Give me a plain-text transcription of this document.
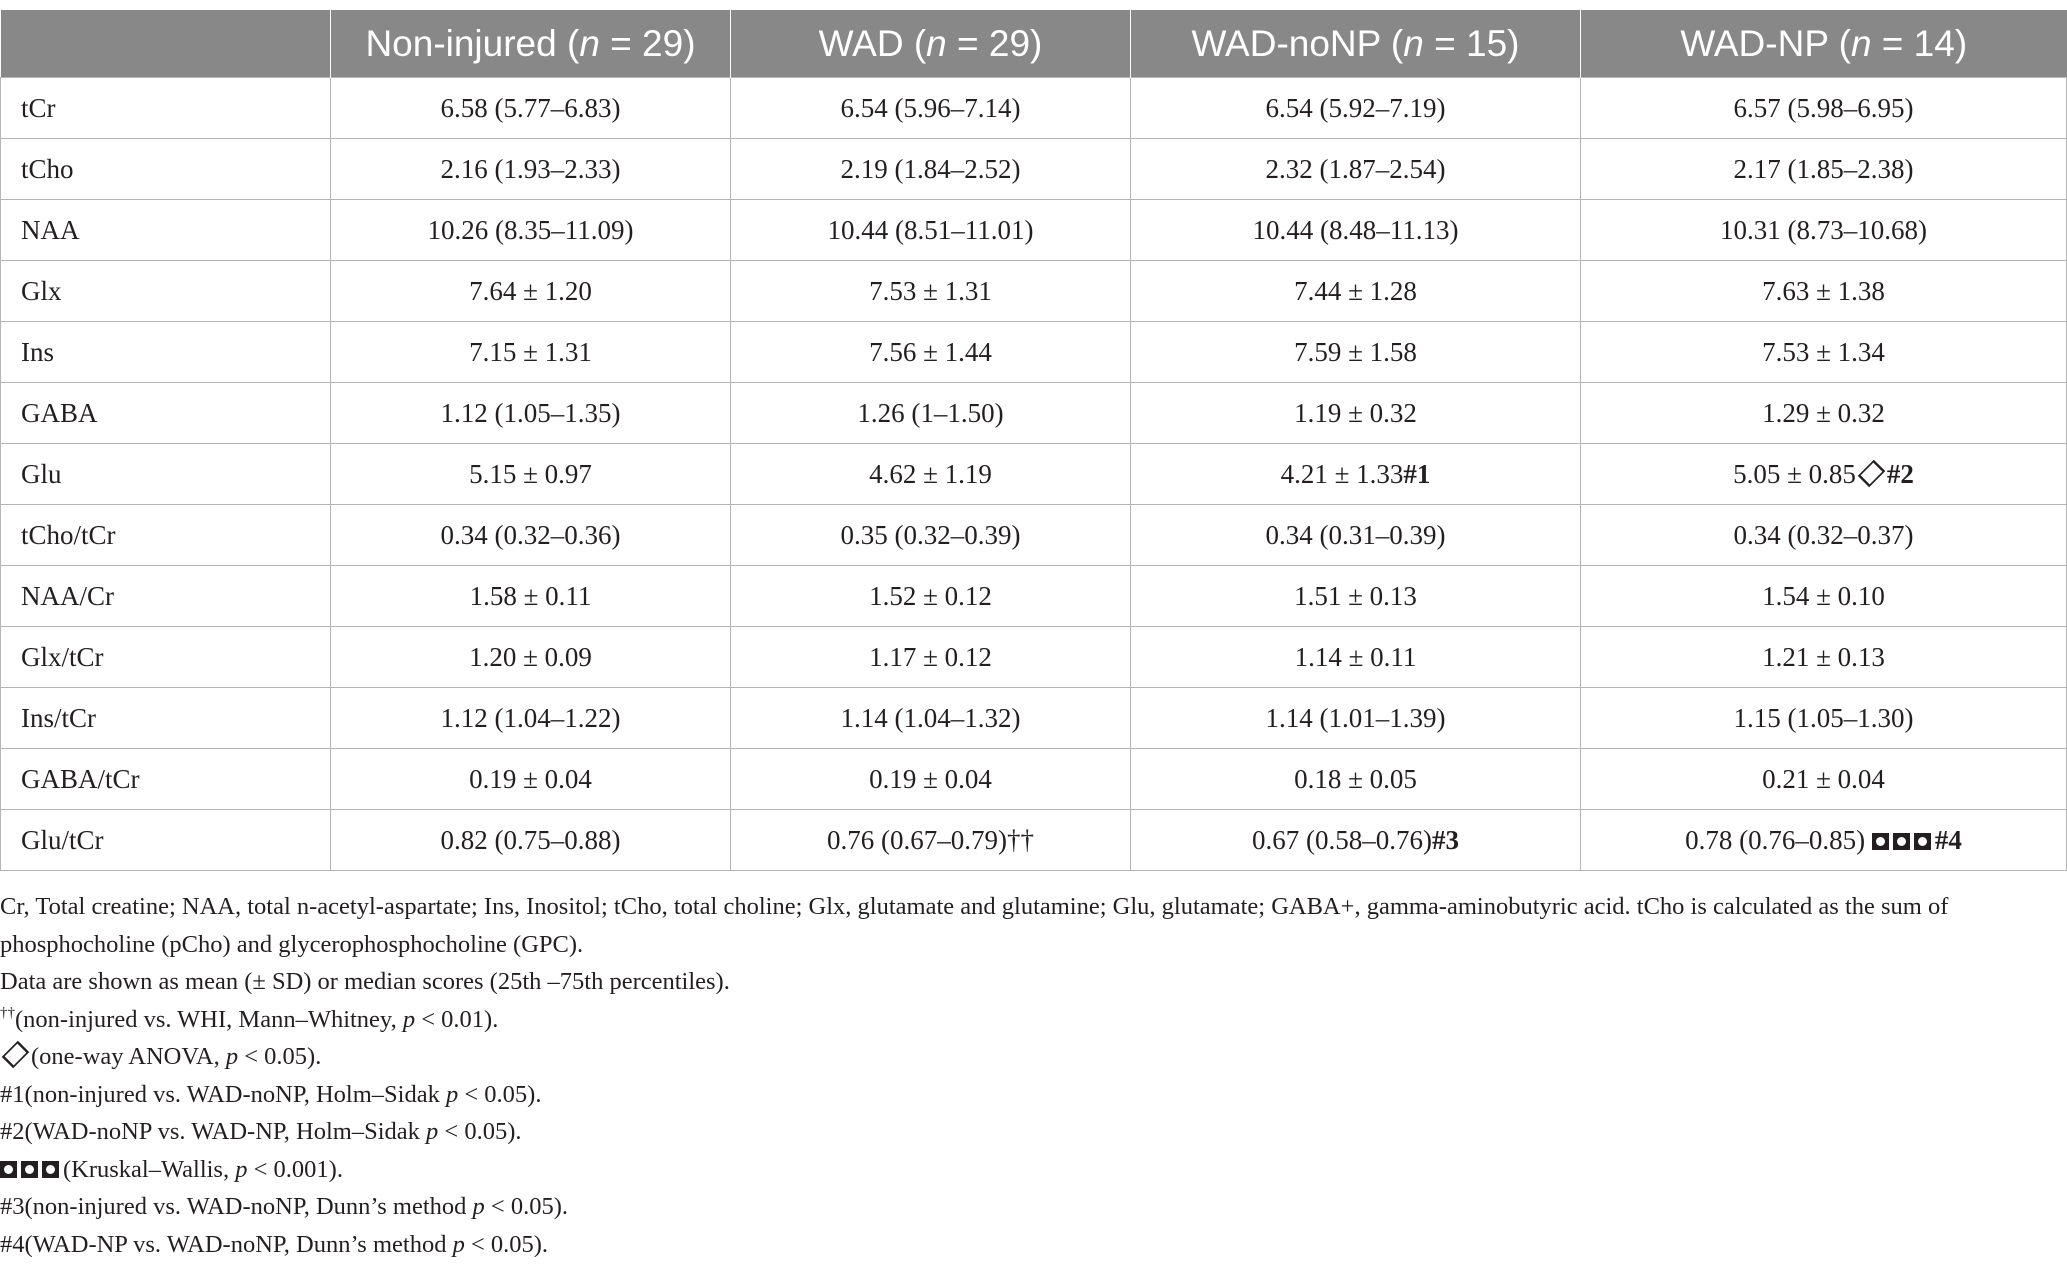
	Non-injured (n = 29)	WAD (n = 29)	WAD-noNP (n = 15)	WAD-NP (n = 14)
tCr	6.58 (5.77–6.83)	6.54 (5.96–7.14)	6.54 (5.92–7.19)	6.57 (5.98–6.95)
tCho	2.16 (1.93–2.33)	2.19 (1.84–2.52)	2.32 (1.87–2.54)	2.17 (1.85–2.38)
NAA	10.26 (8.35–11.09)	10.44 (8.51–11.01)	10.44 (8.48–11.13)	10.31 (8.73–10.68)
Glx	7.64 ± 1.20	7.53 ± 1.31	7.44 ± 1.28	7.63 ± 1.38
Ins	7.15 ± 1.31	7.56 ± 1.44	7.59 ± 1.58	7.53 ± 1.34
GABA	1.12 (1.05–1.35)	1.26 (1–1.50)	1.19 ± 0.32	1.29 ± 0.32
Glu	5.15 ± 0.97	4.62 ± 1.19	4.21 ± 1.33#1	5.05 ± 0.85 #2
tCho/tCr	0.34 (0.32–0.36)	0.35 (0.32–0.39)	0.34 (0.31–0.39)	0.34 (0.32–0.37)
NAA/Cr	1.58 ± 0.11	1.52 ± 0.12	1.51 ± 0.13	1.54 ± 0.10
Glx/tCr	1.20 ± 0.09	1.17 ± 0.12	1.14 ± 0.11	1.21 ± 0.13
Ins/tCr	1.12 (1.04–1.22)	1.14 (1.04–1.32)	1.14 (1.01–1.39)	1.15 (1.05–1.30)
GABA/tCr	0.19 ± 0.04	0.19 ± 0.04	0.18 ± 0.05	0.21 ± 0.04
Glu/tCr	0.82 (0.75–0.88)	0.76 (0.67–0.79)††	0.67 (0.58–0.76)#3	0.78 (0.76–0.85) #4

Cr, Total creatine; NAA, total n-acetyl-aspartate; Ins, Inositol; tCho, total choline; Glx, glutamate and glutamine; Glu, glutamate; GABA+, gamma-aminobutyric acid. tCho is calculated as the sum of phosphocholine (pCho) and glycerophosphocholine (GPC).

Data are shown as mean (± SD) or median scores (25th –75th percentiles).

††(non-injured vs. WHI, Mann–Whitney, p < 0.01).

(one-way ANOVA, p < 0.05).

#1(non-injured vs. WAD-noNP, Holm–Sidak p < 0.05).

#2(WAD-noNP vs. WAD-NP, Holm–Sidak p < 0.05).

(Kruskal–Wallis, p < 0.001).

#3(non-injured vs. WAD-noNP, Dunn’s method p < 0.05).

#4(WAD-NP vs. WAD-noNP, Dunn’s method p < 0.05).
